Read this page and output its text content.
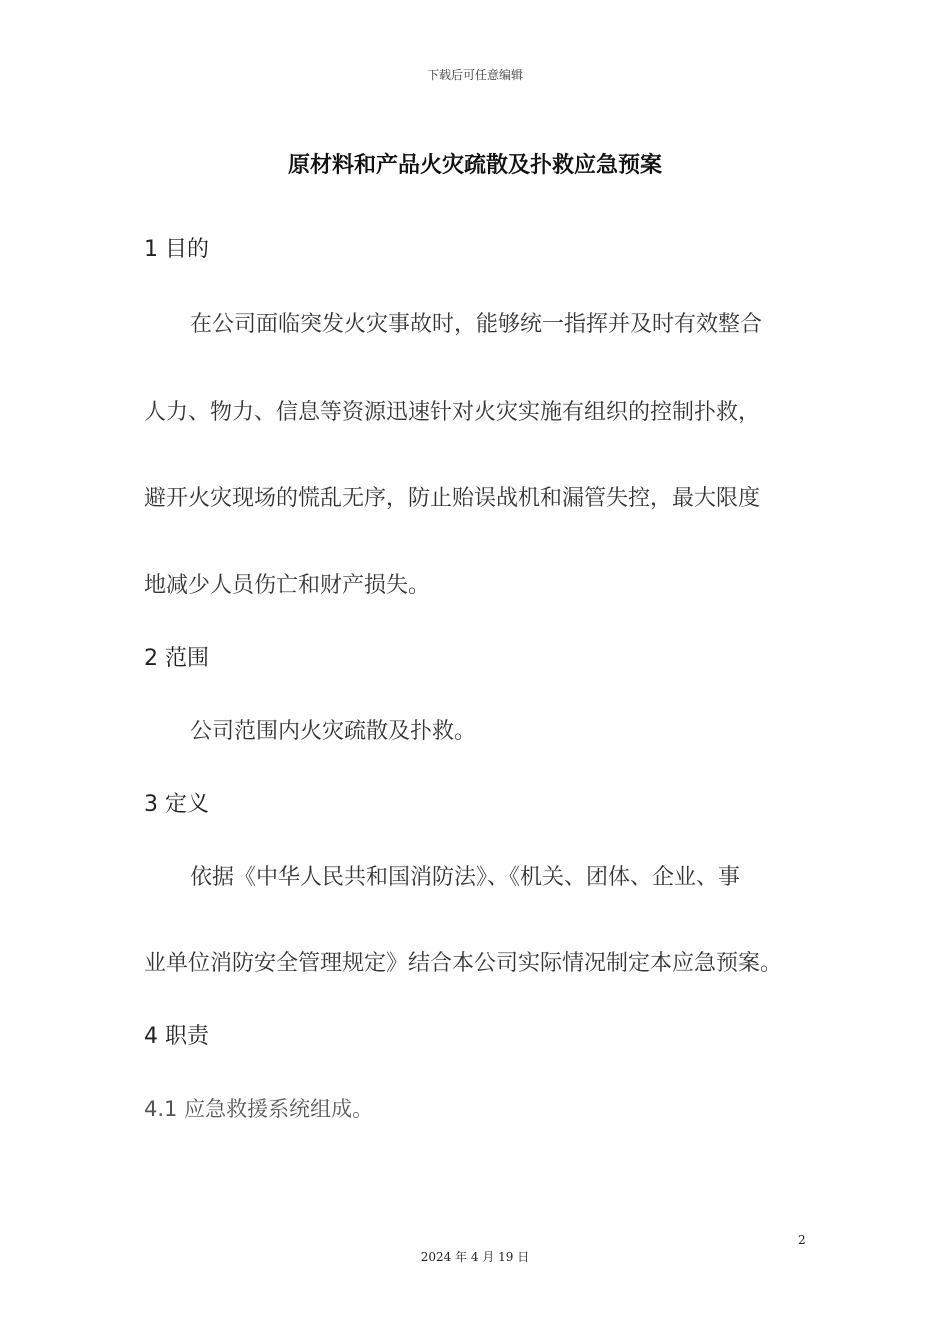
下载后可任意编辑
原材料和产品火灾疏散及扑救应急预案
1 目的
在公司面临突发火灾事故时，能够统一指挥并及时有效整合
人力、物力、信息等资源迅速针对火灾实施有组织的控制扑救，
避开火灾现场的慌乱无序，防止贻误战机和漏管失控，最大限度
地减少人员伤亡和财产损失。
2 范围
公司范围内火灾疏散及扑救。
3 定义
依据《中华人民共和国消防法》、《机关、团体、企业、事
业单位消防安全管理规定》结合本公司实际情况制定本应急预案。
4 职责
4.1 应急救援系统组成。
2
2024 年 4 月 19 日
